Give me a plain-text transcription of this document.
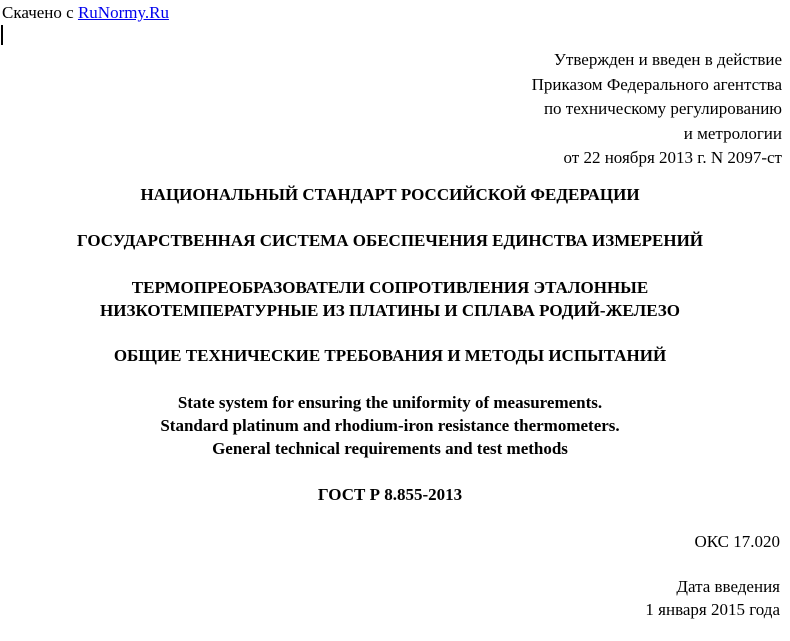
Скачено с RuNormy.Ru
Утвержден и введен в действие
Приказом Федерального агентства
по техническому регулированию
и метрологии
от 22 ноября 2013 г. N 2097-ст
НАЦИОНАЛЬНЫЙ СТАНДАРТ РОССИЙСКОЙ ФЕДЕРАЦИИ
ГОСУДАРСТВЕННАЯ СИСТЕМА ОБЕСПЕЧЕНИЯ ЕДИНСТВА ИЗМЕРЕНИЙ
ТЕРМОПРЕОБРАЗОВАТЕЛИ СОПРОТИВЛЕНИЯ ЭТАЛОННЫЕ
НИЗКОТЕМПЕРАТУРНЫЕ ИЗ ПЛАТИНЫ И СПЛАВА РОДИЙ-ЖЕЛЕЗО
ОБЩИЕ ТЕХНИЧЕСКИЕ ТРЕБОВАНИЯ И МЕТОДЫ ИСПЫТАНИЙ
State system for ensuring the uniformity of measurements.
Standard platinum and rhodium-iron resistance thermometers.
General technical requirements and test methods
ГОСТ Р 8.855-2013
ОКС 17.020
Дата введения
1 января 2015 года
